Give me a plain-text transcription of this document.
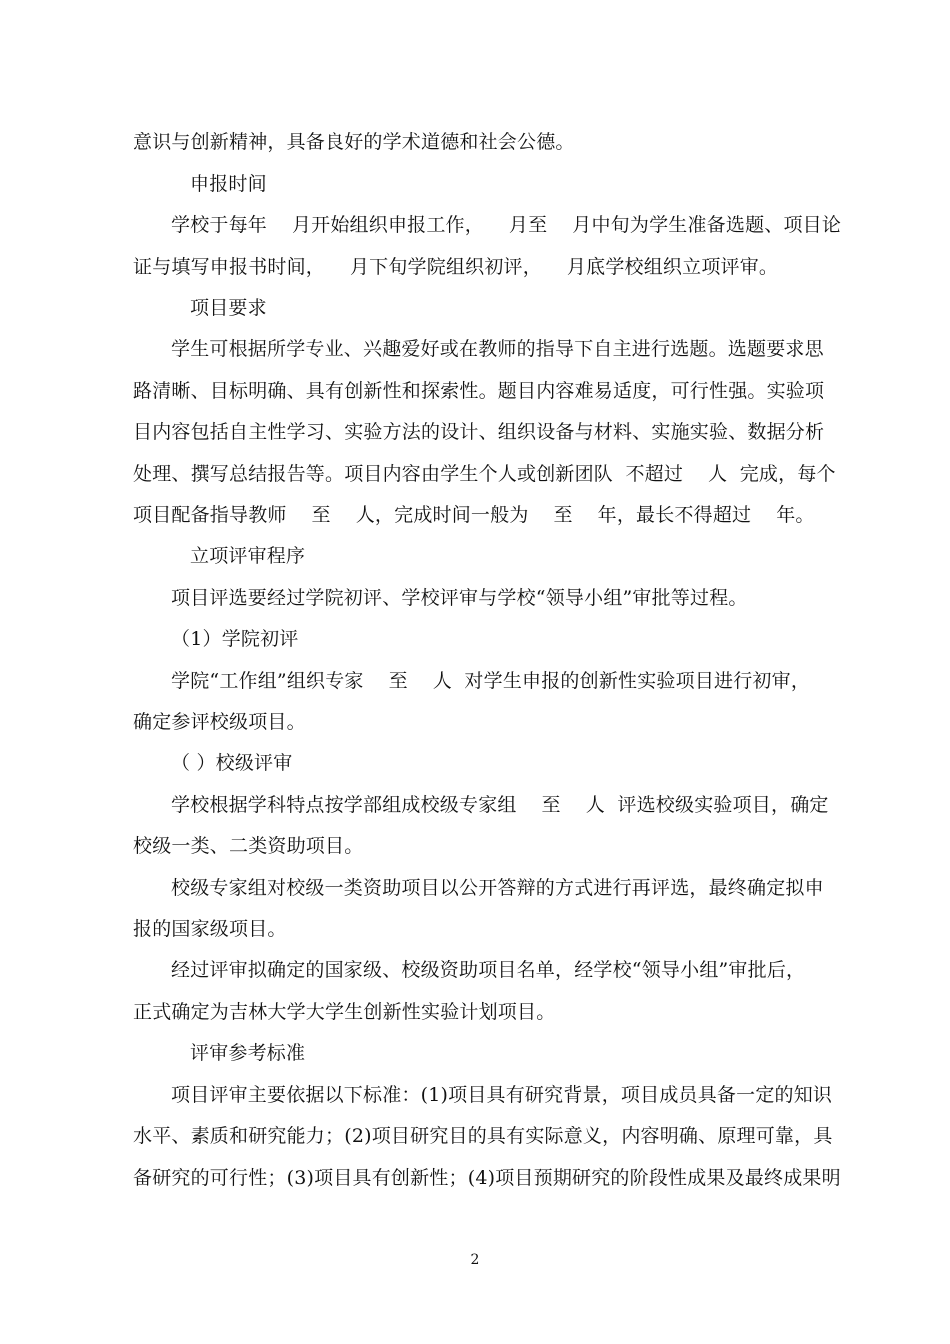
意识与创新精神，具备良好的学术道德和社会公德。
申报时间
学校于每年    月开始组织申报工作，    月至    月中旬为学生准备选题、项目论
证与填写申报书时间，    月下旬学院组织初评，    月底学校组织立项评审。
项目要求
学生可根据所学专业、兴趣爱好或在教师的指导下自主进行选题。选题要求思
路清晰、目标明确、具有创新性和探索性。题目内容难易适度，可行性强。实验项
目内容包括自主性学习、实验方法的设计、组织设备与材料、实施实验、数据分析
处理、撰写总结报告等。项目内容由学生个人或创新团队  不超过    人  完成，每个
项目配备指导教师    至    人，完成时间一般为    至    年，最长不得超过    年。
立项评审程序
项目评选要经过学院初评、学校评审与学校“领导小组”审批等过程。
（1）学院初评
学院“工作组”组织专家    至    人  对学生申报的创新性实验项目进行初审，
确定参评校级项目。
（ ）校级评审
学校根据学科特点按学部组成校级专家组    至    人  评选校级实验项目，确定
校级一类、二类资助项目。
校级专家组对校级一类资助项目以公开答辩的方式进行再评选，最终确定拟申
报的国家级项目。
经过评审拟确定的国家级、校级资助项目名单，经学校“领导小组”审批后，
正式确定为吉林大学大学生创新性实验计划项目。
评审参考标准
项目评审主要依据以下标准：(1)项目具有研究背景，项目成员具备一定的知识
水平、素质和研究能力；(2)项目研究目的具有实际意义，内容明确、原理可靠，具
备研究的可行性；(3)项目具有创新性；(4)项目预期研究的阶段性成果及最终成果明
2
